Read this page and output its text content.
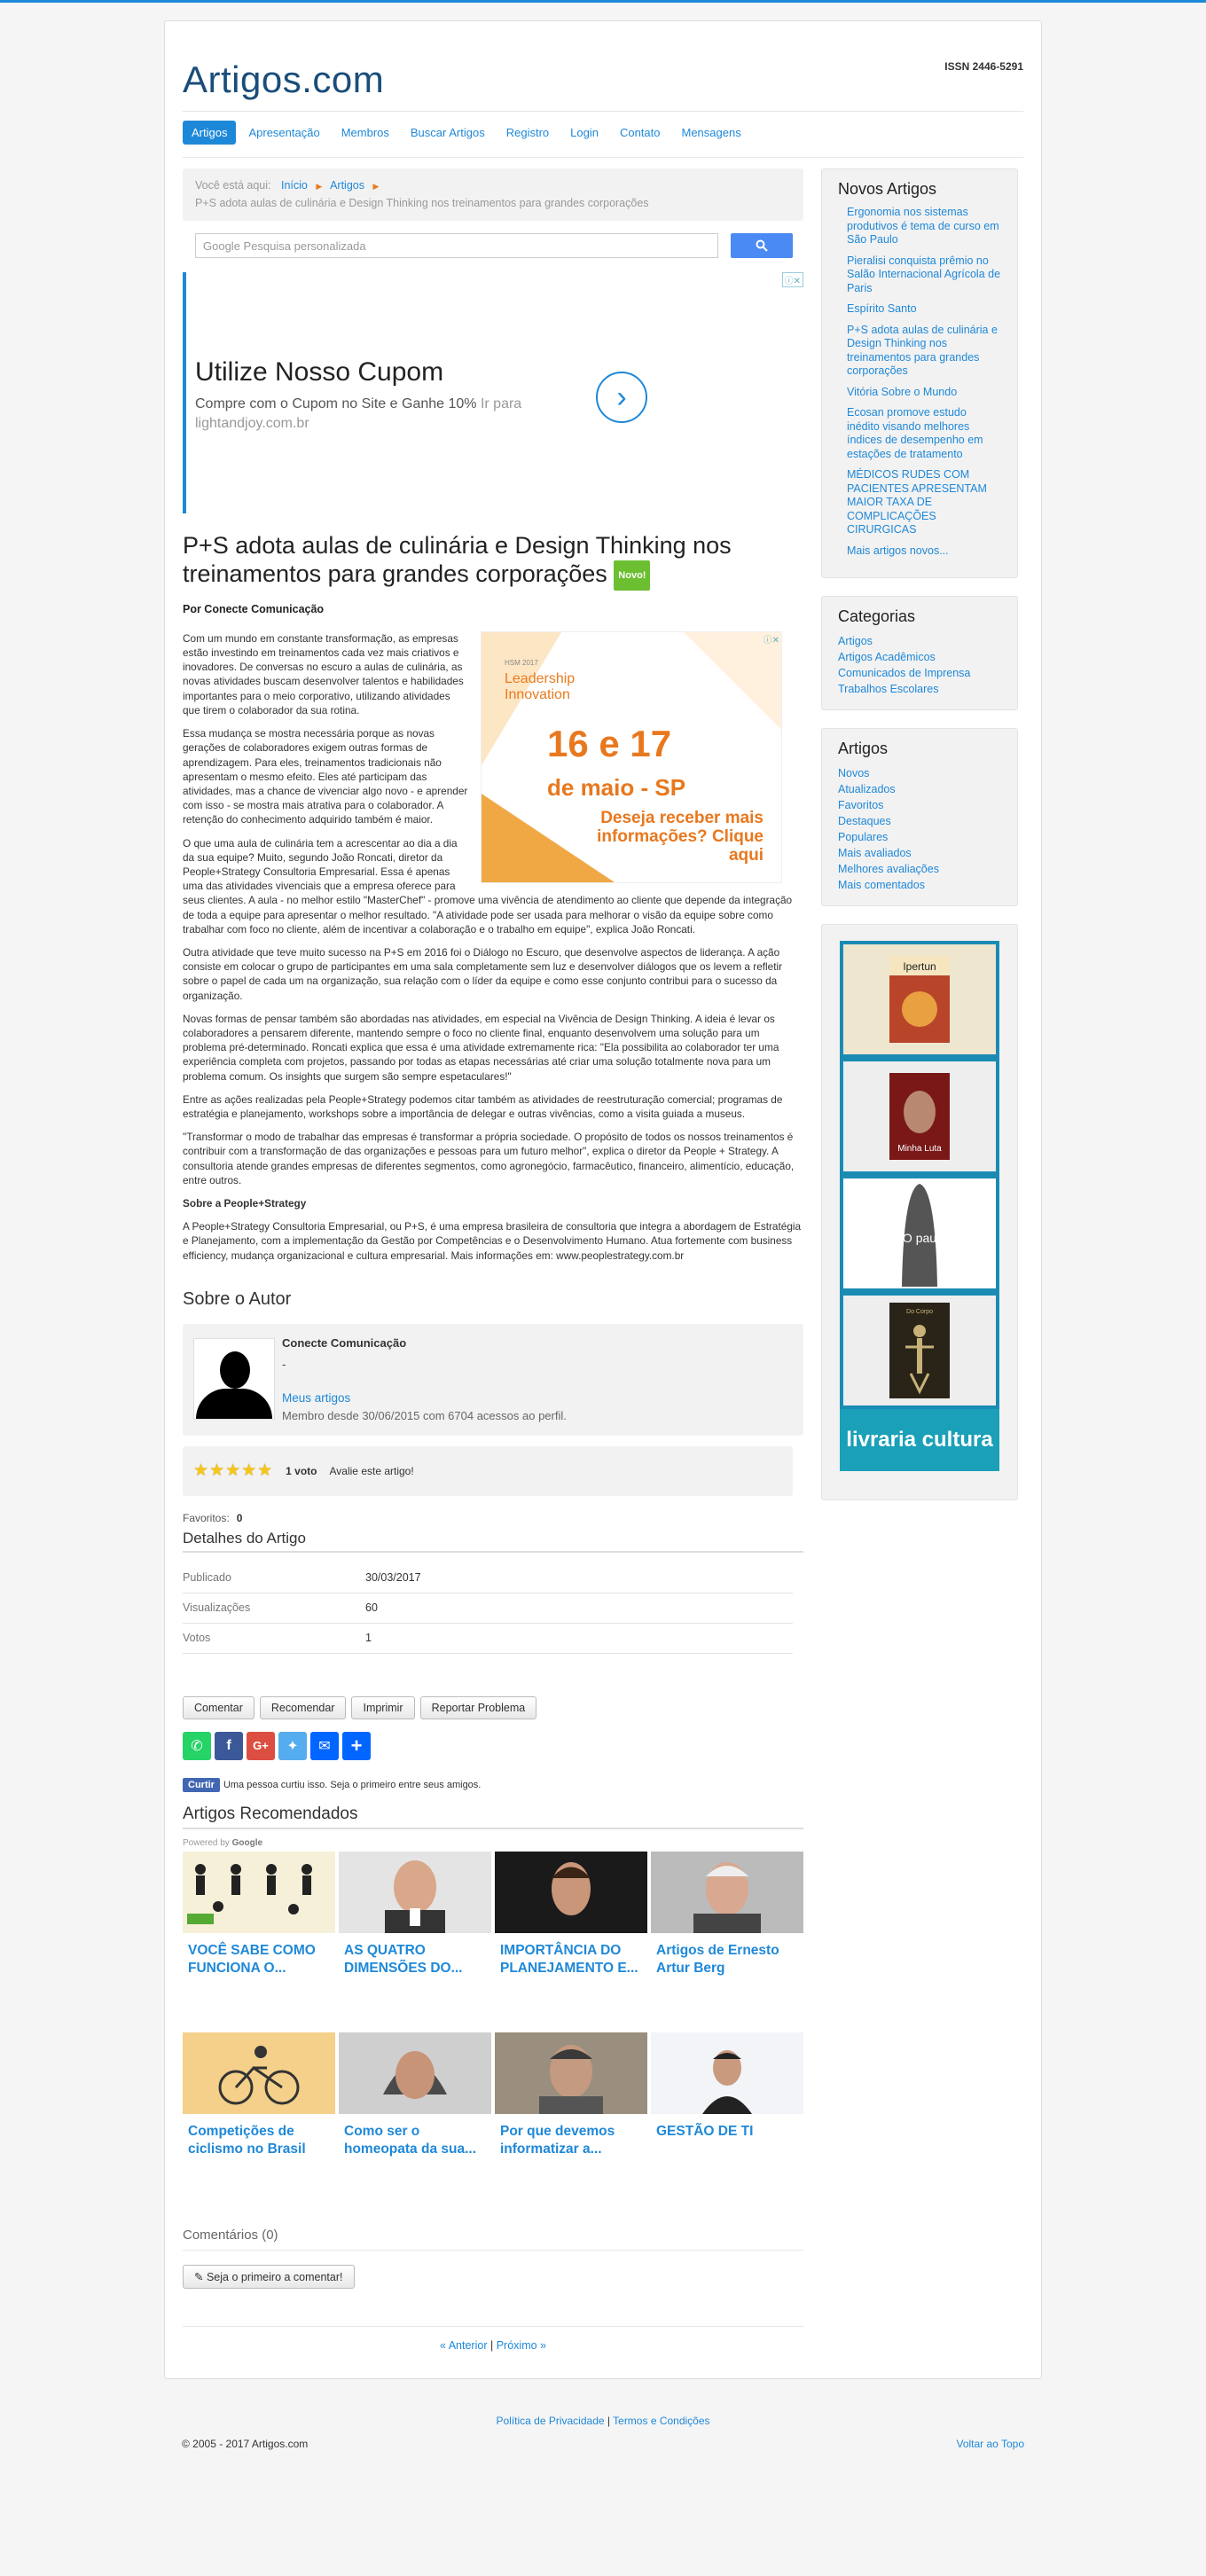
Artigos.com	ISSN 2446-5291
Artigos	Apresentação	Membros	Buscar Artigos	Registro	Login	Contato	Mensagens
Você está aqui: Início ▶ Artigos ▶
P+S adota aulas de culinária e Design Thinking nos treinamentos para grandes corporações
Google Pesquisa personalizada
ⓘ✕
Utilize Nosso Cupom
Compre com o Cupom no Site e Ganhe 10% Ir para lightandjoy.com.br
›
P+S adota aulas de culinária e Design Thinking nos treinamentos para grandes corporações Novo!
Por Conecte Comunicação
ⓘ✕
HSM 2017
Leadership Innovation
16 e 17
de maio - SP
Deseja receber mais informações? Clique aqui

Com um mundo em constante transformação, as empresas estão investindo em treinamentos cada vez mais criativos e inovadores. De conversas no escuro a aulas de culinária, as novas atividades buscam desenvolver talentos e habilidades importantes para o meio corporativo, utilizando atividades que tirem o colaborador da sua rotina.

Essa mudança se mostra necessária porque as novas gerações de colaboradores exigem outras formas de aprendizagem. Para eles, treinamentos tradicionais não apresentam o mesmo efeito. Eles até participam das atividades, mas a chance de vivenciar algo novo - e aprender com isso - se mostra mais atrativa para o colaborador. A retenção do conhecimento adquirido também é maior.

O que uma aula de culinária tem a acrescentar ao dia a dia da sua equipe? Muito, segundo João Roncati, diretor da People+Strategy Consultoria Empresarial. Essa é apenas uma das atividades vivenciais que a empresa oferece para seus clientes. A aula - no melhor estilo "MasterChef" - promove uma vivência de atendimento ao cliente que depende da integração de toda a equipe para apresentar o melhor resultado. "A atividade pode ser usada para melhorar o visão da equipe sobre como trabalhar com foco no cliente, além de incentivar a colaboração e o trabalho em equipe", explica João Roncati.

Outra atividade que teve muito sucesso na P+S em 2016 foi o Diálogo no Escuro, que desenvolve aspectos de liderança. A ação consiste em colocar o grupo de participantes em uma sala completamente sem luz e desenvolver diálogos que os levem a refletir sobre o papel de cada um na organização, sua relação com o líder da equipe e como esse conjunto contribui para o sucesso da organização.

Novas formas de pensar também são abordadas nas atividades, em especial na Vivência de Design Thinking. A ideia é levar os colaboradores a pensarem diferente, mantendo sempre o foco no cliente final, enquanto desenvolvem uma solução para um problema pré-determinado. Roncati explica que essa é uma atividade extremamente rica: "Ela possibilita ao colaborador ter uma experiência completa com projetos, passando por todas as etapas necessárias até criar uma solução totalmente nova para um problema comum. Os insights que surgem são sempre espetaculares!"

Entre as ações realizadas pela People+Strategy podemos citar também as atividades de reestruturação comercial; programas de estratégia e planejamento, workshops sobre a importância de delegar e outras vivências, como a visita guiada a museus.

"Transformar o modo de trabalhar das empresas é transformar a própria sociedade. O propósito de todos os nossos treinamentos é contribuir com a transformação de das organizações e pessoas para um futuro melhor", explica o diretor da People + Strategy. A consultoria atende grandes empresas de diferentes segmentos, como agronegócio, farmacêutico, financeiro, alimentício, educação, entre outros.

Sobre a People+Strategy

A People+Strategy Consultoria Empresarial, ou P+S, é uma empresa brasileira de consultoria que integra a abordagem de Estratégia e Planejamento, com a implementação da Gestão por Competências e o Desenvolvimento Humano. Atua fortemente com business efficiency, mudança organizacional e cultura empresarial. Mais informações em: www.peoplestrategy.com.br

Sobre o Autor
Conecte Comunicação
-
Meus artigos
Membro desde 30/06/2015 com 6704 acessos ao perfil.
★★★★★ 1 voto Avalie este artigo!
Favoritos: 0
Detalhes do Artigo
Publicado	30/03/2017
Visualizações	60
Votos	1
Comentar	Recomendar	Imprimir	Reportar Problema
✆	f	G+	✦	✉	+
Curtir Uma pessoa curtiu isso. Seja o primeiro entre seus amigos.
Artigos Recomendados
Powered by Google
VOCÊ SABE COMO FUNCIONA O...
AS QUATRO DIMENSÕES DO...
IMPORTÂNCIA DO PLANEJAMENTO E...
Artigos de Ernesto Artur Berg
Competições de ciclismo no Brasil
Como ser o homeopata da sua...
Por que devemos informatizar a...
GESTÃO DE TI
Comentários (0)
✎ Seja o primeiro a comentar!
« Anterior | Próximo »
Novos Artigos
Ergonomia nos sistemas produtivos é tema de curso em São Paulo
Pieralisi conquista prêmio no Salão Internacional Agrícola de Paris
Espírito Santo
P+S adota aulas de culinária e Design Thinking nos treinamentos para grandes corporações
Vitória Sobre o Mundo
Ecosan promove estudo inédito visando melhores índices de desempenho em estações de tratamento
MÉDICOS RUDES COM PACIENTES APRESENTAM MAIOR TAXA DE COMPLICAÇÕES CIRURGICAS
Mais artigos novos...
Categorias
Artigos
Artigos Acadêmicos
Comunicados de Imprensa
Trabalhos Escolares
Artigos
Novos
Atualizados
Favoritos
Destaques
Populares
Mais avaliados
Melhores avaliações
Mais comentados
Ipertun
Minha Luta
O pau
Do Corpo
livraria cultura
Política de Privacidade | Termos e Condições
© 2005 - 2017 Artigos.com	Voltar ao Topo
